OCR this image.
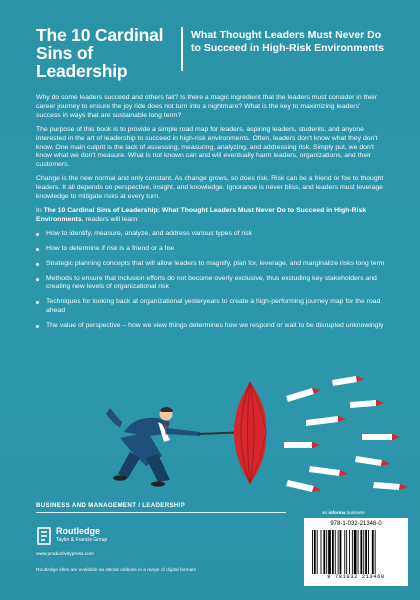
The 10 Cardinal Sins of Leadership
What Thought Leaders Must Never Do to Succeed in High-Risk Environments

Why do some leaders succeed and others fail? Is there a magic ingredient that the leaders must consider in their career journey to ensure the joy ride does not turn into a nightmare? What is the key to maximizing leaders' success in ways that are sustainable long term?

The purpose of this book is to provide a simple road map for leaders, aspiring leaders, students, and anyone interested in the art of leadership to succeed in high-risk environments. Often, leaders don't know what they don't know. One main culprit is the lack of assessing, measuring, analyzing, and addressing risk. Simply put, we don't know what we don't measure. What is not known can and will eventually harm leaders, organizations, and their customers.

Change is the new normal and only constant. As change grows, so does risk. Risk can be a friend or foe to thought leaders. It all depends on perspective, insight, and knowledge. Ignorance is never bliss, and leaders must leverage knowledge to mitigate risks at every turn.

In The 10 Cardinal Sins of Leadership: What Thought Leaders Must Never Do to Succeed in High-Risk Environments, readers will learn:

How to identify, measure, analyze, and address various types of risk
How to determine if risk is a friend or a foe
Strategic planning concepts that will allow leaders to magnify, plan for, leverage, and marginalize risks long term
Methods to ensure that inclusion efforts do not become overly exclusive, thus excluding key stakeholders and creating new levels of organizational risk
Techniques for looking back at organizational yesteryears to create a high-performing journey map for the road ahead
The value of perspective – how we view things determines how we respond or wait to be disrupted unknowingly
BUSINESS AND MANAGEMENT / LEADERSHIP
Routledge
Taylor & Francis Group
www.productivitypress.com
Routledge titles are available as eBook editions in a range of digital formats
an informa business
978-1-032-21346-0
9 781032 213460
